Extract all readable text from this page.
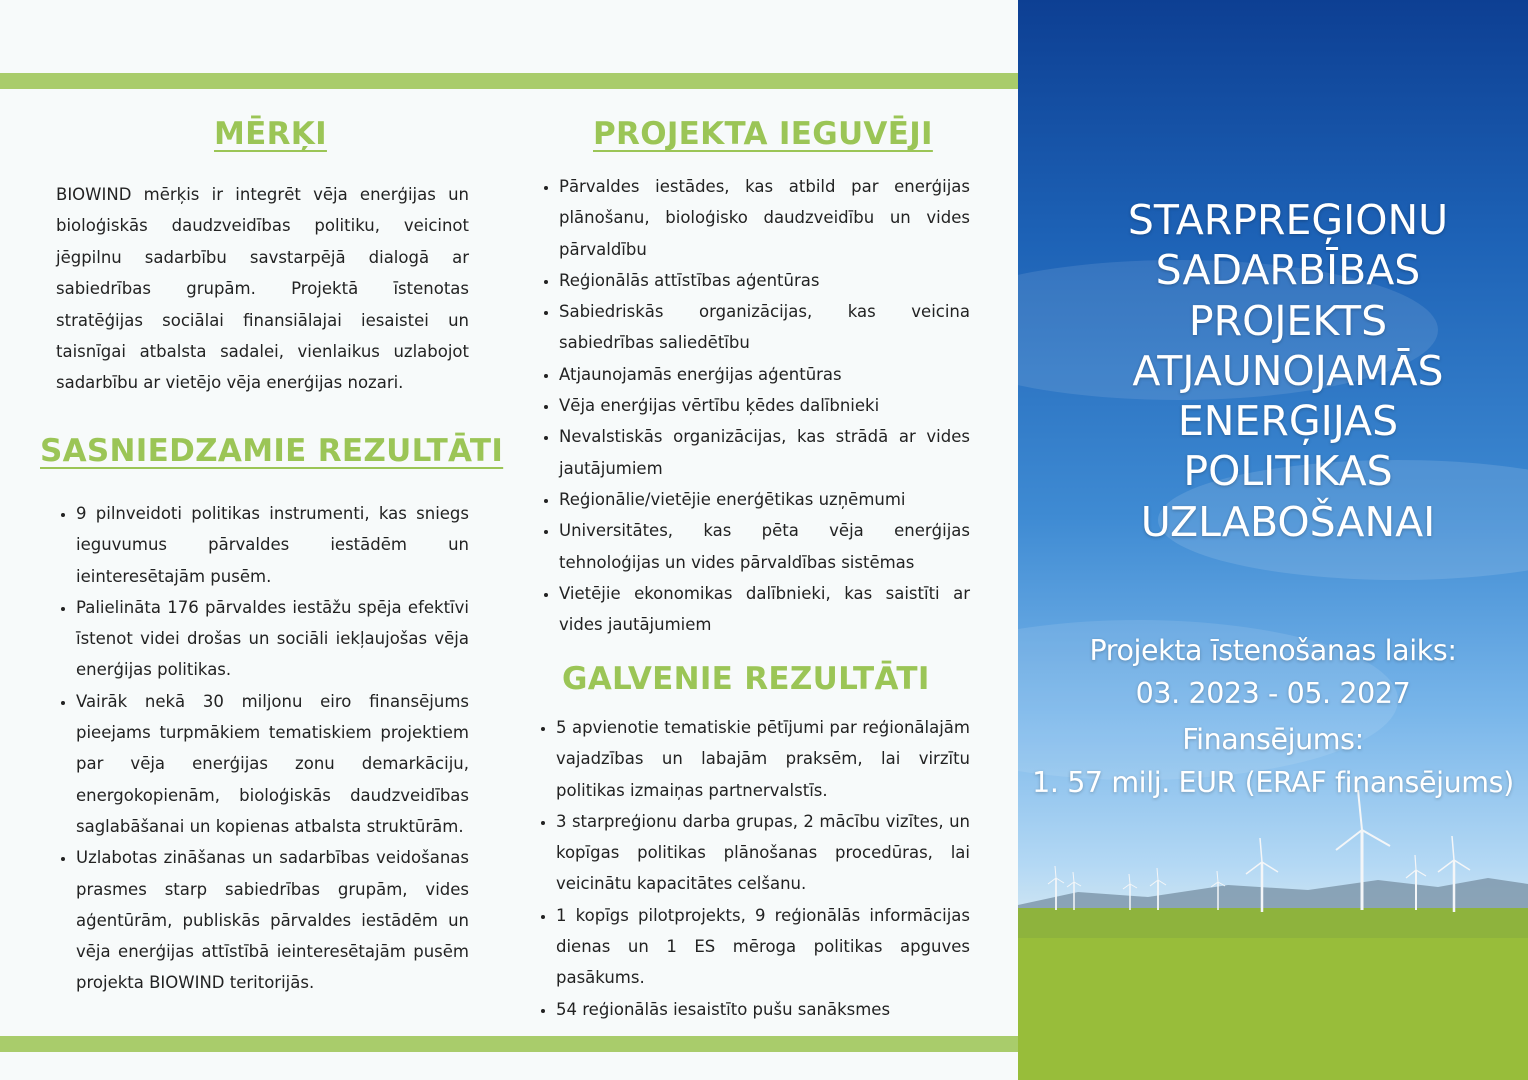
MĒRĶI

BIOWIND mērķis ir integrēt vēja enerģijas un bioloģiskās daudzveidības politiku, veicinot jēgpilnu sadarbību savstarpējā dialogā ar sabiedrības grupām. Projektā īstenotas stratēģijas sociālai finansiālajai iesaistei un taisnīgai atbalsta sadalei, vienlaikus uzlabojot sadarbību ar vietējo vēja enerģijas nozari.

SASNIEDZAMIE REZULTĀTI
• 9 pilnveidoti politikas instrumenti, kas sniegs ieguvumus pārvaldes iestādēm un ieinteresētajām pusēm.
• Palielināta 176 pārvaldes iestāžu spēja efektīvi īstenot videi drošas un sociāli iekļaujošas vēja enerģijas politikas.
• Vairāk nekā 30 miljonu eiro finansējums pieejams turpmākiem tematiskiem projektiem par vēja enerģijas zonu demarkāciju, energokopienām, bioloģiskās daudzveidības saglabāšanai un kopienas atbalsta struktūrām.
• Uzlabotas zināšanas un sadarbības veidošanas prasmes starp sabiedrības grupām, vides aģentūrām, publiskās pārvaldes iestādēm un vēja enerģijas attīstībā ieinteresētajām pusēm projekta BIOWIND teritorijās.
PROJEKTA IEGUVĒJI
• Pārvaldes iestādes, kas atbild par enerģijas plānošanu, bioloģisko daudzveidību un vides pārvaldību
• Reģionālās attīstības aģentūras
• Sabiedriskās organizācijas, kas veicina sabiedrības saliedētību
• Atjaunojamās enerģijas aģentūras
• Vēja enerģijas vērtību ķēdes dalībnieki
• Nevalstiskās organizācijas, kas strādā ar vides jautājumiem
• Reģionālie/vietējie enerģētikas uzņēmumi
• Universitātes, kas pēta vēja enerģijas tehnoloģijas un vides pārvaldības sistēmas
• Vietējie ekonomikas dalībnieki, kas saistīti ar vides jautājumiem
GALVENIE REZULTĀTI
• 5 apvienotie tematiskie pētījumi par reģionālajām vajadzības un labajām praksēm, lai virzītu politikas izmaiņas partnervalstīs.
• 3 starpreģionu darba grupas, 2 mācību vizītes, un kopīgas politikas plānošanas procedūras, lai veicinātu kapacitātes celšanu.
• 1 kopīgs pilotprojekts, 9 reģionālās informācijas dienas un 1 ES mēroga politikas apguves pasākums.
• 54 reģionālās iesaistīto pušu sanāksmes
STARPREĢIONU
SADARBĪBAS
PROJEKTS
ATJAUNOJAMĀS
ENERĢIJAS
POLITIKAS
UZLABOŠANAI

Projekta īstenošanas laiks:

03. 2023 - 05. 2027

Finansējums:

1. 57 milj. EUR (ERAF finansējums)
